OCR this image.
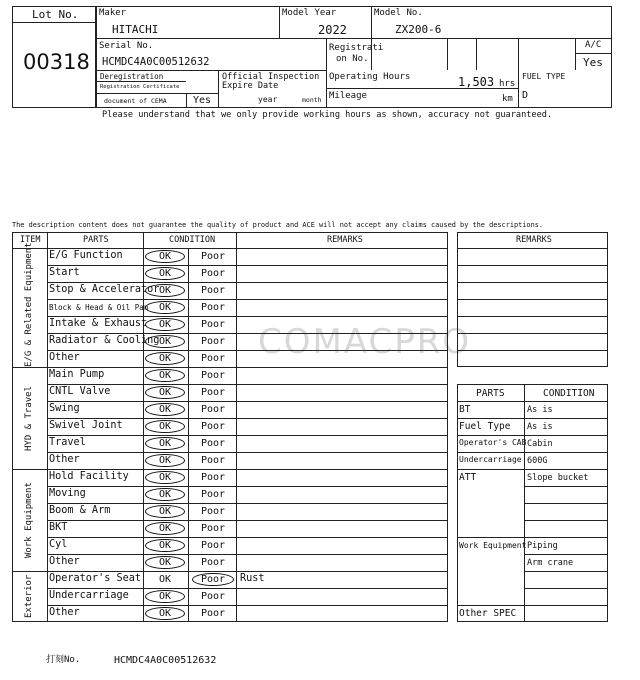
Lot No.
00318
Maker
HITACHI
Model Year
2022
Model No.
ZX200-6
Serial No.
HCMDC4A0C00512632
Registrati
on No.
A/C
Yes
Deregistration
Registration Certificate
document of CEMA	Yes
Official Inspection
Expire Date
year	month
Operating Hours	1,503 hrs
Mileage	km
FUEL TYPE
D
Please understand that we only provide working hours as shown, accuracy not guaranteed.
The description content does not guarantee the quality of product and ACE will not accept any claims caused by the descriptions.
COMACPRO
ITEM	PARTS	CONDITION	REMARKS
E/G & Related Equipment	E/G Function	OK	Poor
Start	OK	Poor
Stop & Accelerator OK	Poor
Block & Head & Oil Pan	OK	Poor
Intake & Exhaust	OK	Poor
Radiator & Cooling OK	Poor
Other	OK	Poor
HYD & Travel
Main Pump	OK	Poor
CNTL Valve	OK	Poor
Swing	OK	Poor
Swivel Joint	OK	Poor
Travel	OK	Poor
Other	OK	Poor
Work Equipment
Hold Facility	OK	Poor
Moving	OK	Poor
Boom & Arm	OK	Poor
BKT	OK	Poor
Cyl	OK	Poor
Other	OK	Poor
Exterior	Operator's Seat	OK	Poor	Rust
Undercarriage	OK	Poor
Other	OK	Poor
REMARKS
PARTS	CONDITION
BT	As is
Fuel Type As is
Operator's CAB Cabin
Undercarriage 600G
ATT	Slope bucket
Work Equipment Piping
Arm crane
Other SPEC
打刻No.	HCMDC4A0C00512632
